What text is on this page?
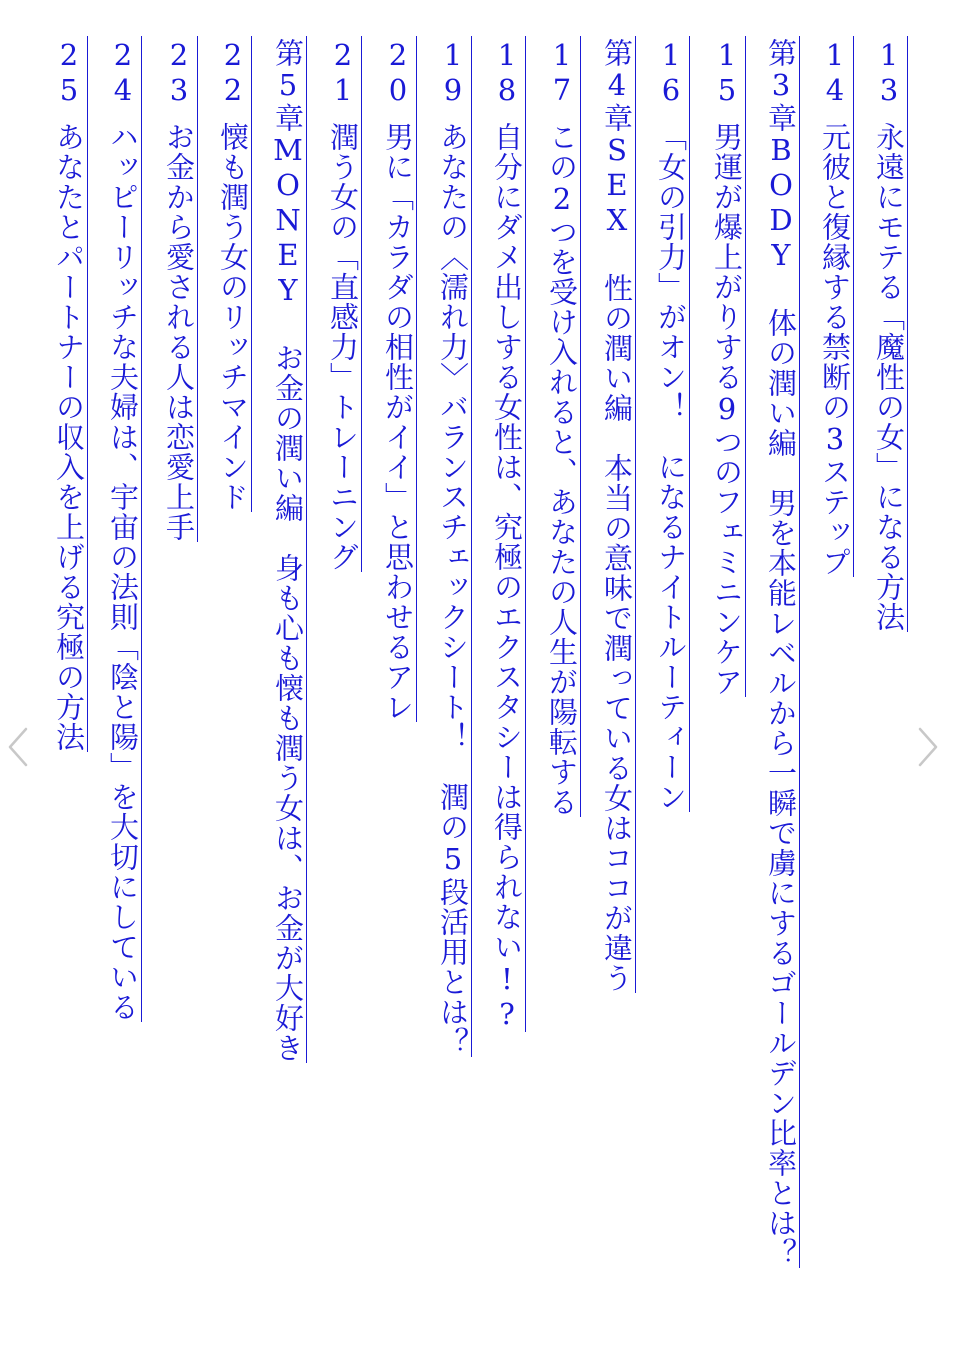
13永遠にモテる「魔性の女」になる方法
14元彼と復縁する禁断の3ステップ
第3章BODY 体の潤い編　男を本能レベルから一瞬で虜にするゴールデン比率とは？
15男運が爆上がりする9つのフェミニンケア
16「女の引力」がオン！　になるナイトルーティーン
第4章SEX 性の潤い編　本当の意味で潤っている女はココが違う
17この2つを受け入れると、あなたの人生が陽転する
18自分にダメ出しする女性は、究極のエクスタシーは得られない!?
19あなたの〈濡れ力〉バランスチェックシート！　潤の5段活用とは？
20男に「カラダの相性がイイ」と思わせるアレ
21潤う女の「直感力」トレーニング
第5章MONEY お金の潤い編　身も心も懐も潤う女は、お金が大好き
22懐も潤う女のリッチマインド
23お金から愛される人は恋愛上手
24ハッピーリッチな夫婦は、宇宙の法則「陰と陽」を大切にしている
25あなたとパートナーの収入を上げる究極の方法
